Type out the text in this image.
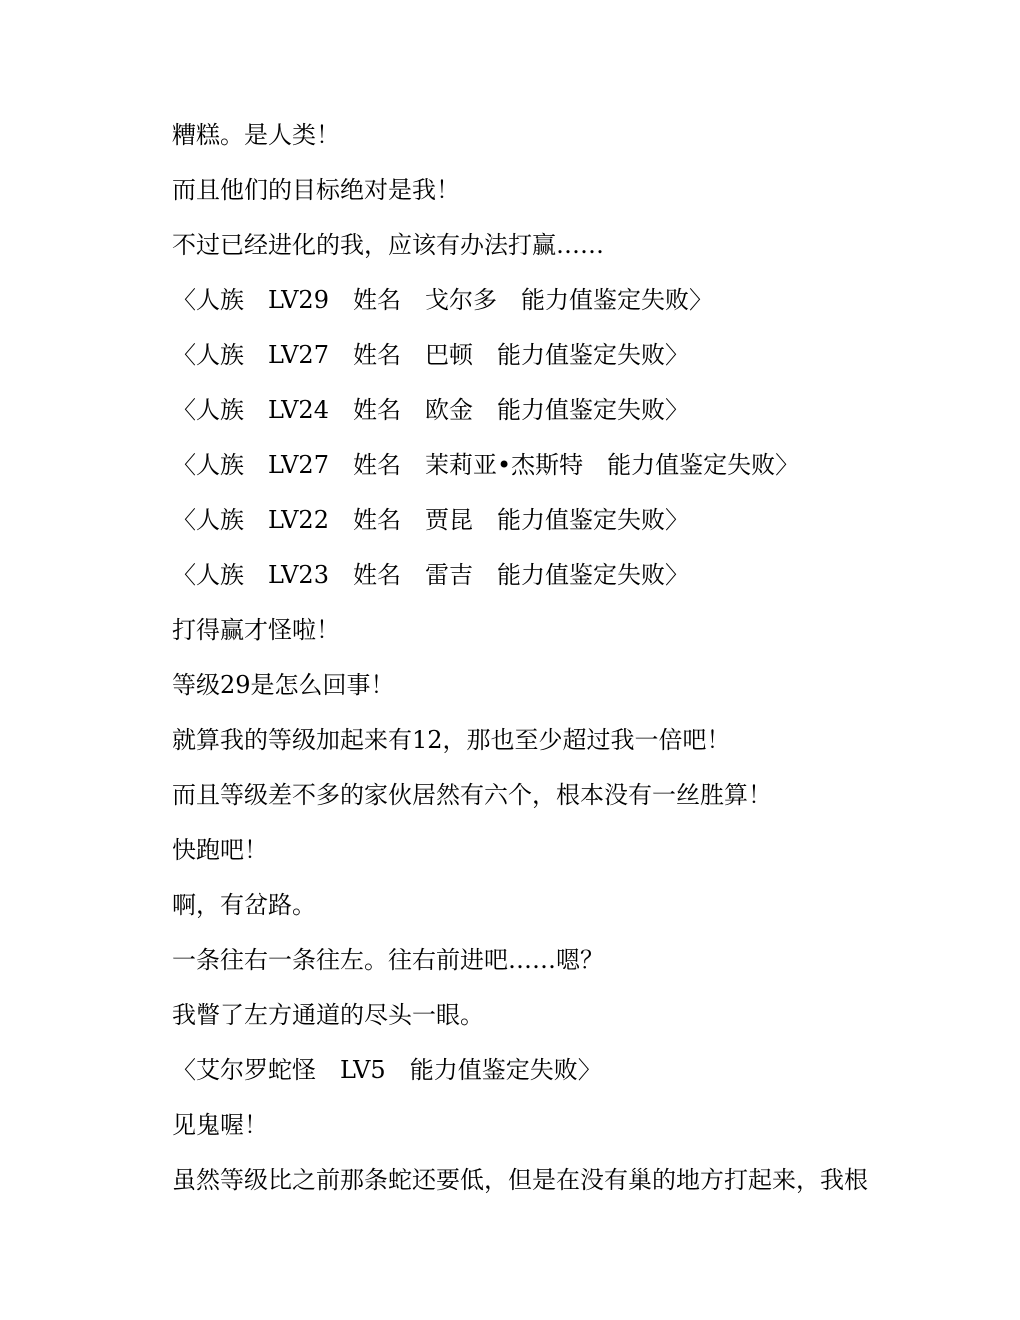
糟糕。是人类！

而且他们的目标绝对是我！

不过已经进化的我，应该有办法打赢……

〈人族　LV29　姓名　戈尔多　能力值鉴定失败〉

〈人族　LV27　姓名　巴顿　能力值鉴定失败〉

〈人族　LV24　姓名　欧金　能力值鉴定失败〉

〈人族　LV27　姓名　茉莉亚•杰斯特　能力值鉴定失败〉

〈人族　LV22　姓名　贾昆　能力值鉴定失败〉

〈人族　LV23　姓名　雷吉　能力值鉴定失败〉

打得赢才怪啦！

等级29是怎么回事！

就算我的等级加起来有12，那也至少超过我一倍吧！

而且等级差不多的家伙居然有六个，根本没有一丝胜算！

快跑吧！

啊，有岔路。

一条往右一条往左。往右前进吧……嗯？

我瞥了左方通道的尽头一眼。

〈艾尔罗蛇怪　LV5　能力值鉴定失败〉

见鬼喔！

虽然等级比之前那条蛇还要低，但是在没有巢的地方打起来，我根
